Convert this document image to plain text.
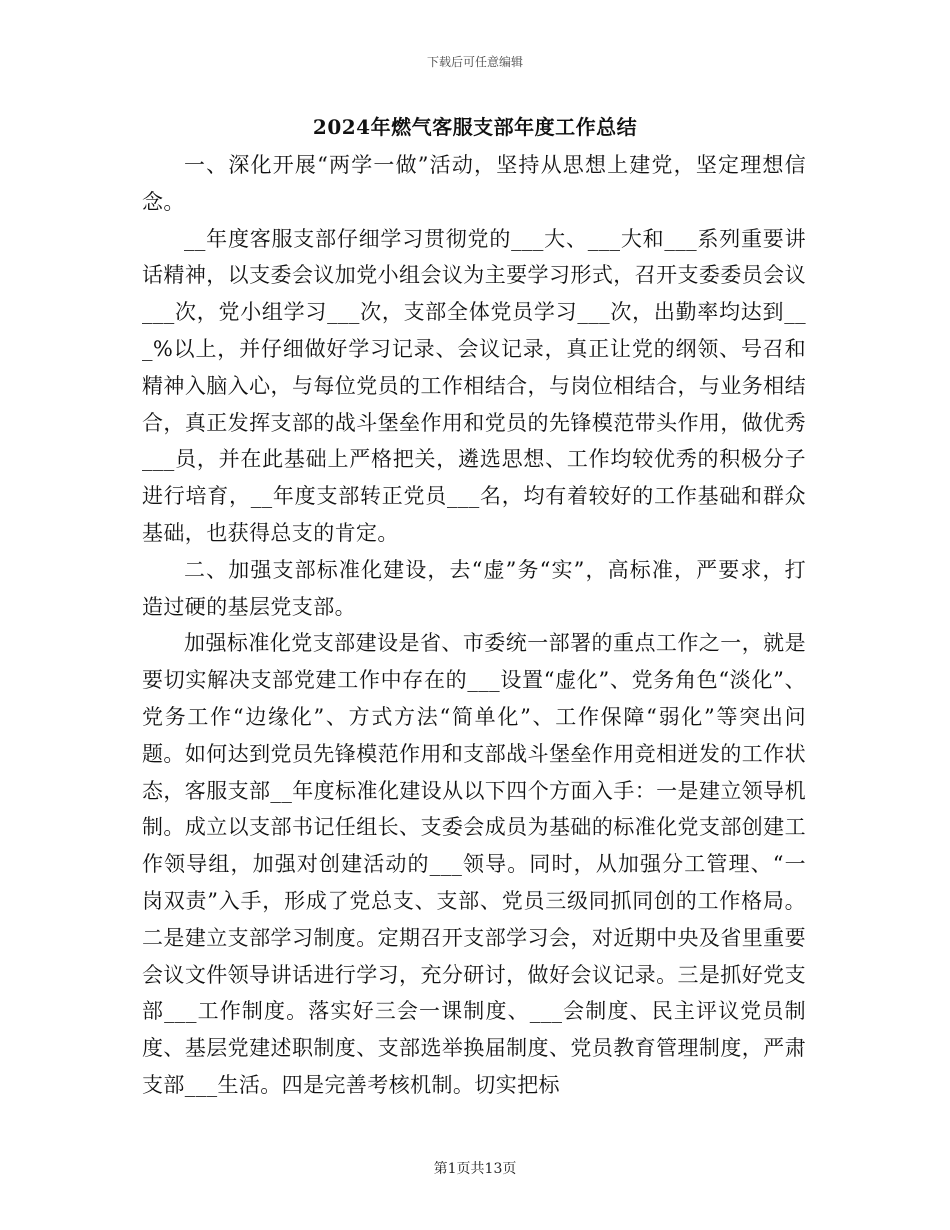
下载后可任意编辑
2024年燃气客服支部年度工作总结

一、深化开展“两学一做”活动，坚持从思想上建党，坚定理想信念。

__年度客服支部仔细学习贯彻党的___大、___大和___系列重要讲话精神，以支委会议加党小组会议为主要学习形式，召开支委委员会议___次，党小组学习___次，支部全体党员学习___次，出勤率均达到___%以上，并仔细做好学习记录、会议记录，真正让党的纲领、号召和精神入脑入心，与每位党员的工作相结合，与岗位相结合，与业务相结合，真正发挥支部的战斗堡垒作用和党员的先锋模范带头作用，做优秀___员，并在此基础上严格把关，遴选思想、工作均较优秀的积极分子进行培育，__年度支部转正党员___名，均有着较好的工作基础和群众基础，也获得总支的肯定。

二、加强支部标准化建设，去“虚”务“实”，高标准，严要求，打造过硬的基层党支部。

加强标准化党支部建设是省、市委统一部署的重点工作之一，就是要切实解决支部党建工作中存在的___设置“虚化”、党务角色“淡化”、党务工作“边缘化”、方式方法“简单化”、工作保障“弱化”等突出问题。如何达到党员先锋模范作用和支部战斗堡垒作用竞相迸发的工作状态，客服支部__年度标准化建设从以下四个方面入手：一是建立领导机制。成立以支部书记任组长、支委会成员为基础的标准化党支部创建工作领导组，加强对创建活动的___领导。同时，从加强分工管理、“一岗双责”入手，形成了党总支、支部、党员三级同抓同创的工作格局。二是建立支部学习制度。定期召开支部学习会，对近期中央及省里重要会议文件领导讲话进行学习，充分研讨，做好会议记录。三是抓好党支部___工作制度。落实好三会一课制度、___会制度、民主评议党员制度、基层党建述职制度、支部选举换届制度、党员教育管理制度，严肃支部___生活。四是完善考核机制。切实把标

第1页共13页
